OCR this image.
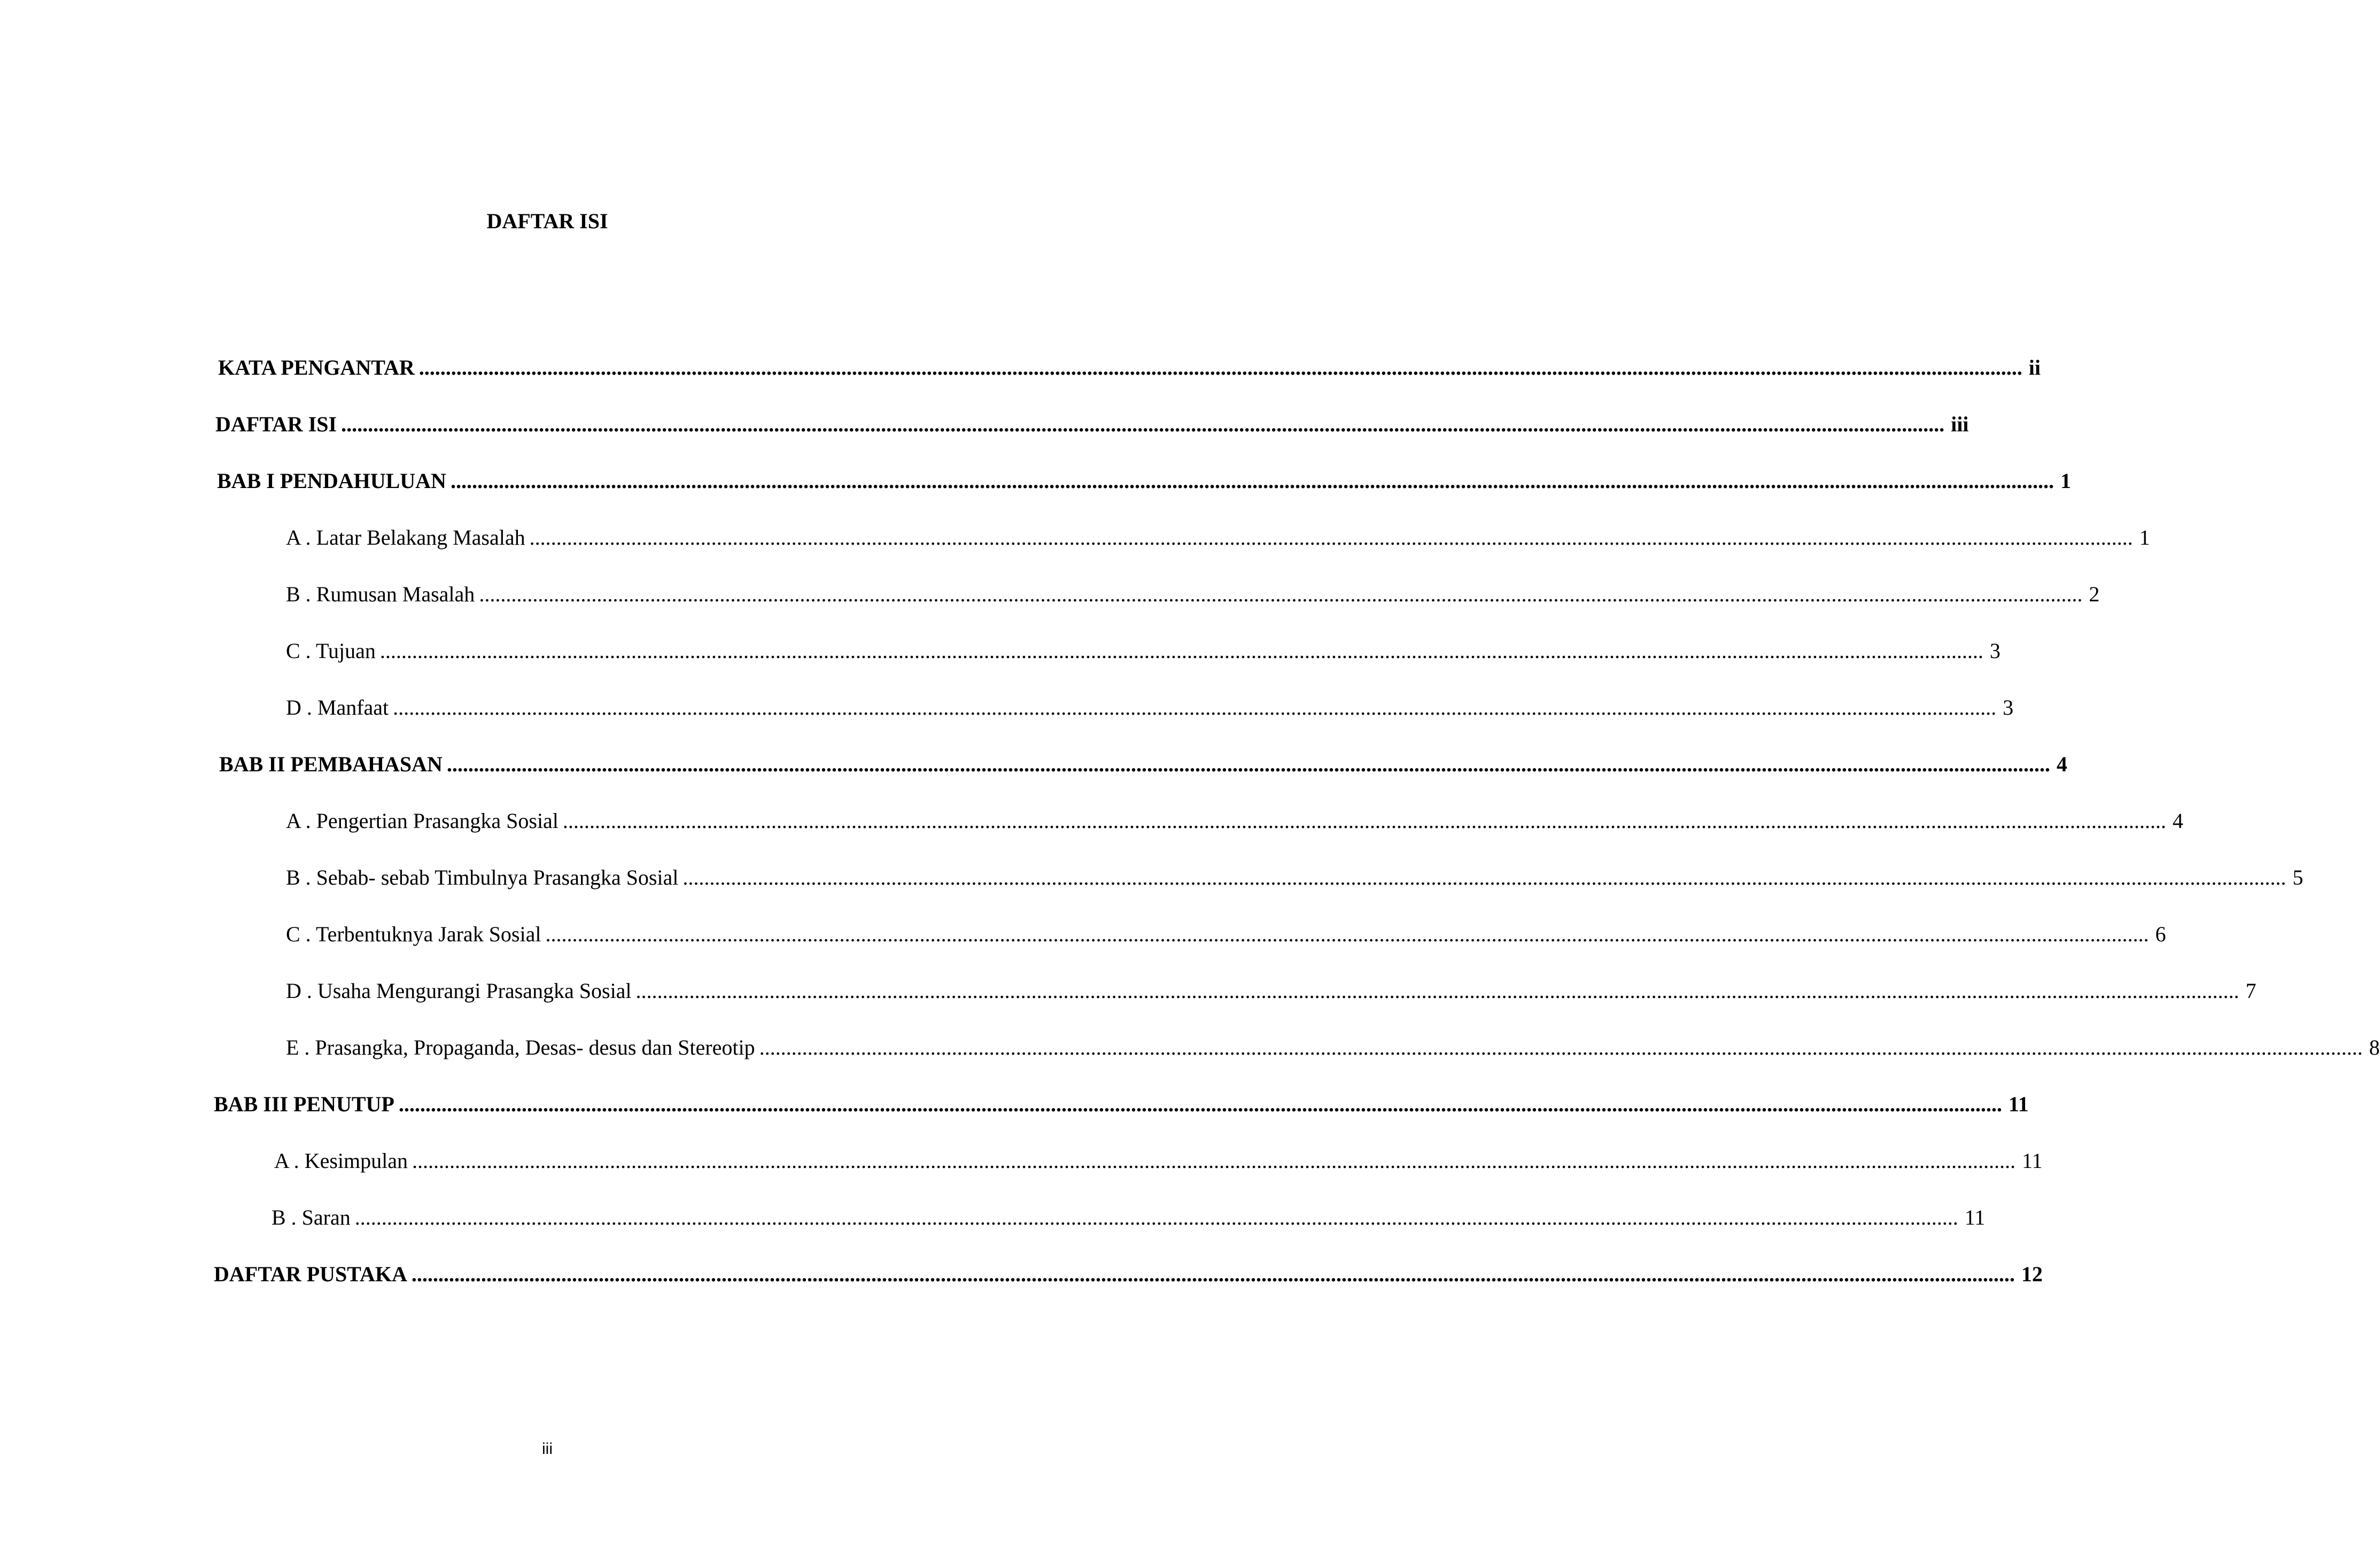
DAFTAR ISI
KATA PENGANTAR ............................................................................................................................................................................................................................................................................................................ ii
DAFTAR ISI ............................................................................................................................................................................................................................................................................................................ iii
BAB I PENDAHULUAN ............................................................................................................................................................................................................................................................................................................ 1
A . Latar Belakang Masalah ............................................................................................................................................................................................................................................................................................................ 1
B . Rumusan Masalah ............................................................................................................................................................................................................................................................................................................ 2
C . Tujuan ............................................................................................................................................................................................................................................................................................................ 3
D . Manfaat ............................................................................................................................................................................................................................................................................................................ 3
BAB II PEMBAHASAN ............................................................................................................................................................................................................................................................................................................ 4
A . Pengertian Prasangka Sosial ............................................................................................................................................................................................................................................................................................................ 4
B . Sebab- sebab Timbulnya Prasangka Sosial ............................................................................................................................................................................................................................................................................................................ 5
C . Terbentuknya Jarak Sosial ............................................................................................................................................................................................................................................................................................................ 6
D . Usaha Mengurangi Prasangka Sosial ............................................................................................................................................................................................................................................................................................................ 7
E . Prasangka, Propaganda, Desas- desus dan Stereotip ............................................................................................................................................................................................................................................................................................................ 8
BAB III PENUTUP ............................................................................................................................................................................................................................................................................................................ 11
A . Kesimpulan ............................................................................................................................................................................................................................................................................................................ 11
B . Saran ............................................................................................................................................................................................................................................................................................................ 11
DAFTAR PUSTAKA ............................................................................................................................................................................................................................................................................................................ 12
iii
